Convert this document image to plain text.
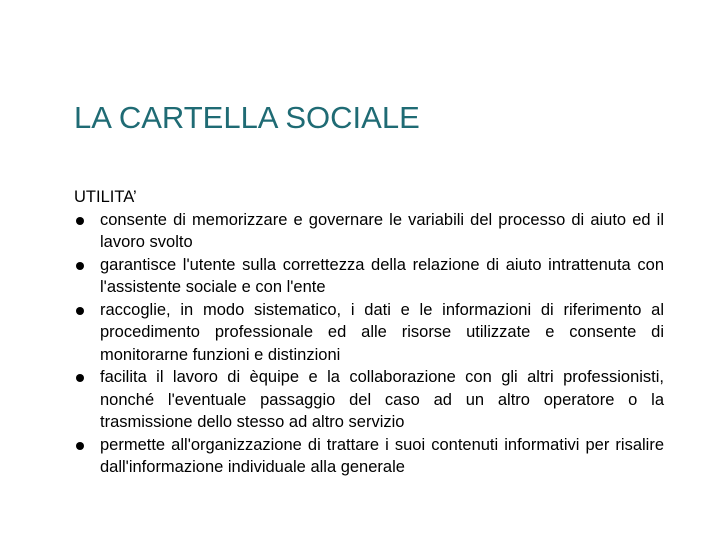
LA CARTELLA SOCIALE

UTILITA’

consente di memorizzare e governare le variabili del processo di aiuto ed il lavoro svolto
garantisce l'utente sulla correttezza della relazione di aiuto intrattenuta con l'assistente sociale e con l'ente
raccoglie, in modo sistematico, i dati e le informazioni di riferimento al procedimento professionale ed alle risorse utilizzate e consente di monitorarne funzioni e distinzioni
facilita il lavoro di èquipe e la collaborazione con gli altri professionisti, nonché l'eventuale passaggio del caso ad un altro operatore o la trasmissione dello stesso ad altro servizio
permette all'organizzazione di trattare i suoi contenuti informativi per risalire dall'informazione individuale alla generale
